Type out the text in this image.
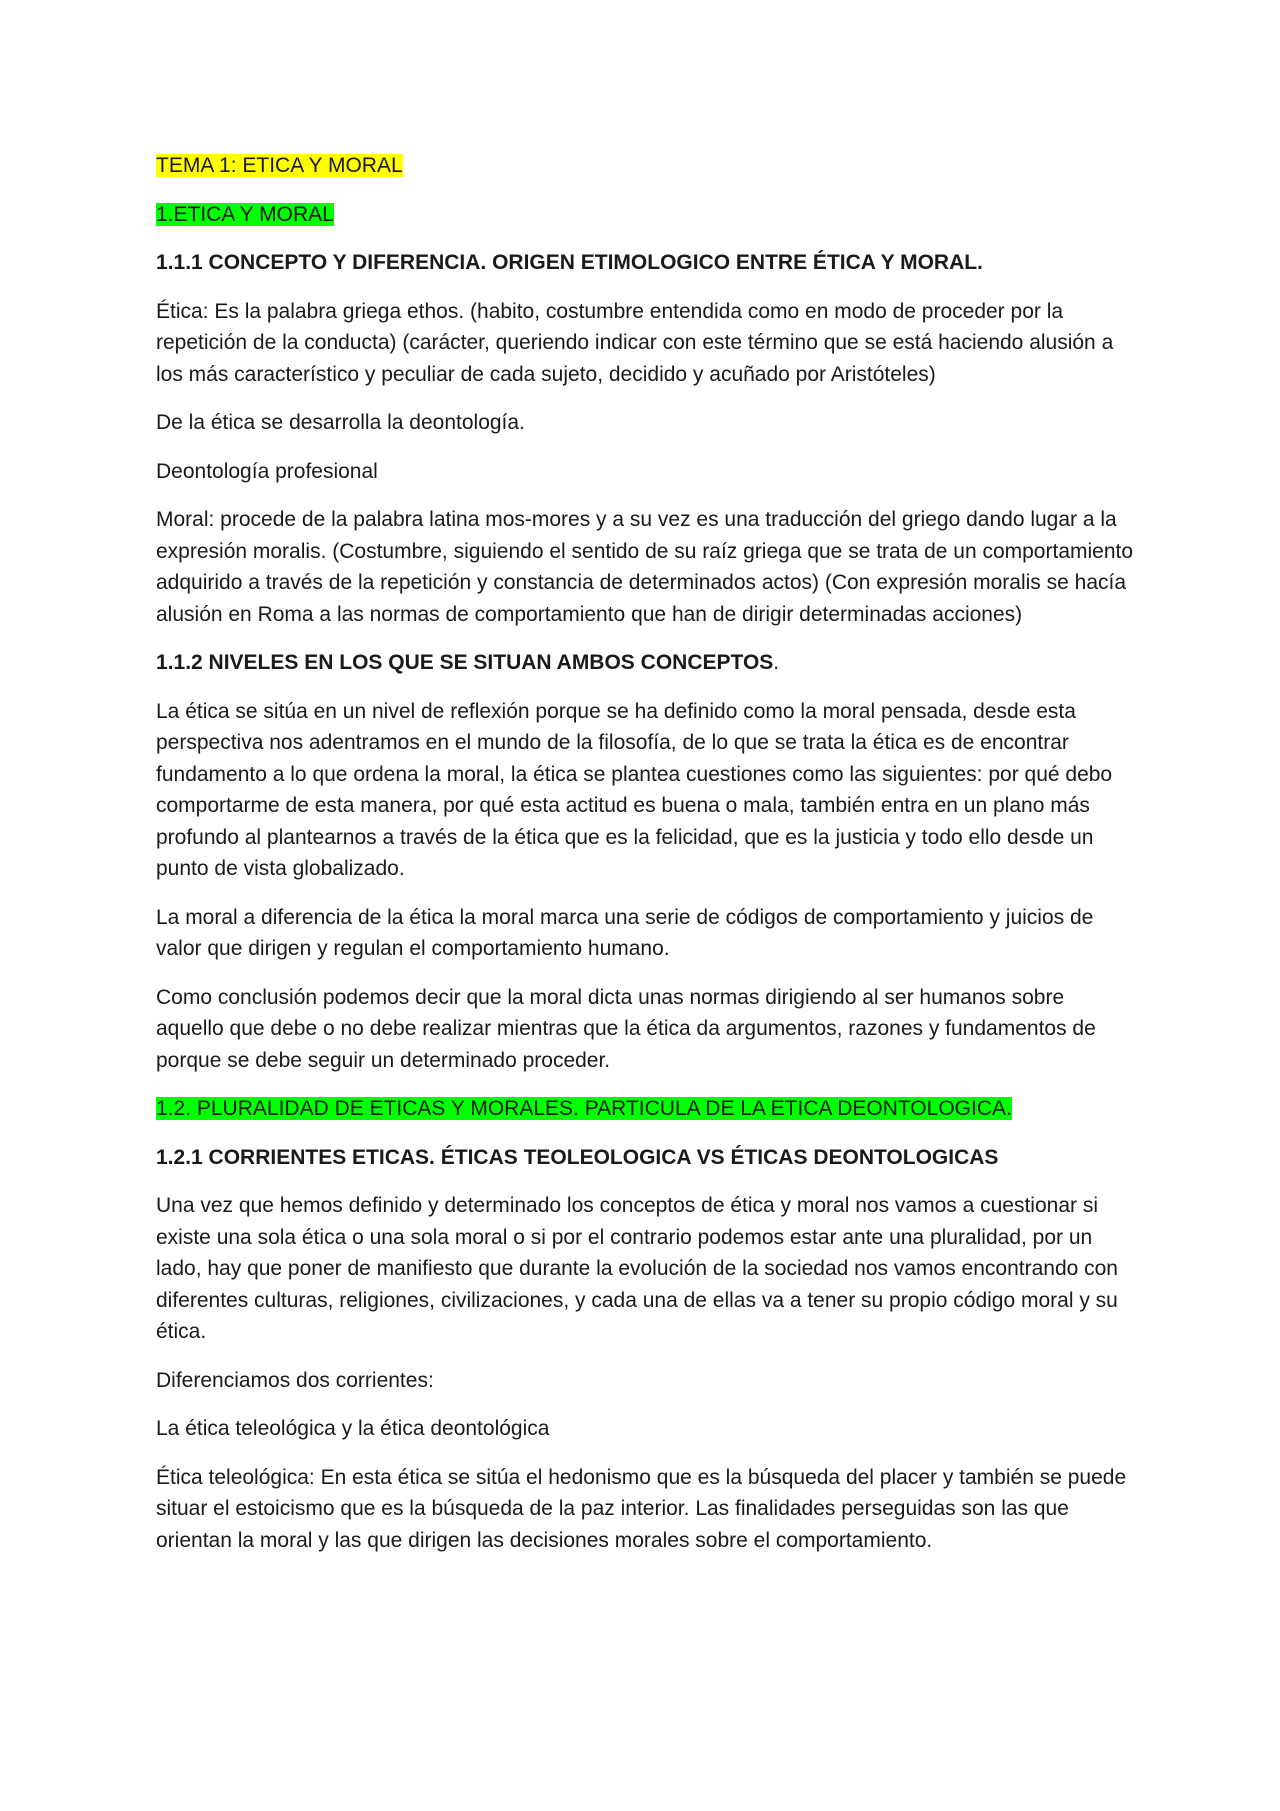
TEMA 1: ETICA Y MORAL

1.ETICA Y MORAL

1.1.1 CONCEPTO Y DIFERENCIA. ORIGEN ETIMOLOGICO ENTRE ÉTICA Y MORAL.

Ética: Es la palabra griega ethos. (habito, costumbre entendida como en modo de proceder por la repetición de la conducta) (carácter, queriendo indicar con este término que se está haciendo alusión a los más característico y peculiar de cada sujeto, decidido y acuñado por Aristóteles)

De la ética se desarrolla la deontología.

Deontología profesional

Moral: procede de la palabra latina mos-mores y a su vez es una traducción del griego dando lugar a la expresión moralis. (Costumbre, siguiendo el sentido de su raíz griega que se trata de un comportamiento adquirido a través de la repetición y constancia de determinados actos) (Con expresión moralis se hacía alusión en Roma a las normas de comportamiento que han de dirigir determinadas acciones)

1.1.2 NIVELES EN LOS QUE SE SITUAN AMBOS CONCEPTOS.

La ética se sitúa en un nivel de reflexión porque se ha definido como la moral pensada, desde esta perspectiva nos adentramos en el mundo de la filosofía, de lo que se trata la ética es de encontrar fundamento a lo que ordena la moral, la ética se plantea cuestiones como las siguientes: por qué debo comportarme de esta manera, por qué esta actitud es buena o mala, también entra en un plano más profundo al plantearnos a través de la ética que es la felicidad, que es la justicia y todo ello desde un punto de vista globalizado.

La moral a diferencia de la ética la moral marca una serie de códigos de comportamiento y juicios de valor que dirigen y regulan el comportamiento humano.

Como conclusión podemos decir que la moral dicta unas normas dirigiendo al ser humanos sobre aquello que debe o no debe realizar mientras que la ética da argumentos, razones y fundamentos de porque se debe seguir un determinado proceder.

1.2. PLURALIDAD DE ETICAS Y MORALES. PARTICULA DE LA ETICA DEONTOLOGICA.

1.2.1 CORRIENTES ETICAS. ÉTICAS TEOLEOLOGICA VS ÉTICAS DEONTOLOGICAS

Una vez que hemos definido y determinado los conceptos de ética y moral nos vamos a cuestionar si existe una sola ética o una sola moral o si por el contrario podemos estar ante una pluralidad, por un lado, hay que poner de manifiesto que durante la evolución de la sociedad nos vamos encontrando con diferentes culturas, religiones, civilizaciones, y cada una de ellas va a tener su propio código moral y su ética.

Diferenciamos dos corrientes:

La ética teleológica y la ética deontológica

Ética teleológica: En esta ética se sitúa el hedonismo que es la búsqueda del placer y también se puede situar el estoicismo que es la búsqueda de la paz interior. Las finalidades perseguidas son las que orientan la moral y las que dirigen las decisiones morales sobre el comportamiento.
